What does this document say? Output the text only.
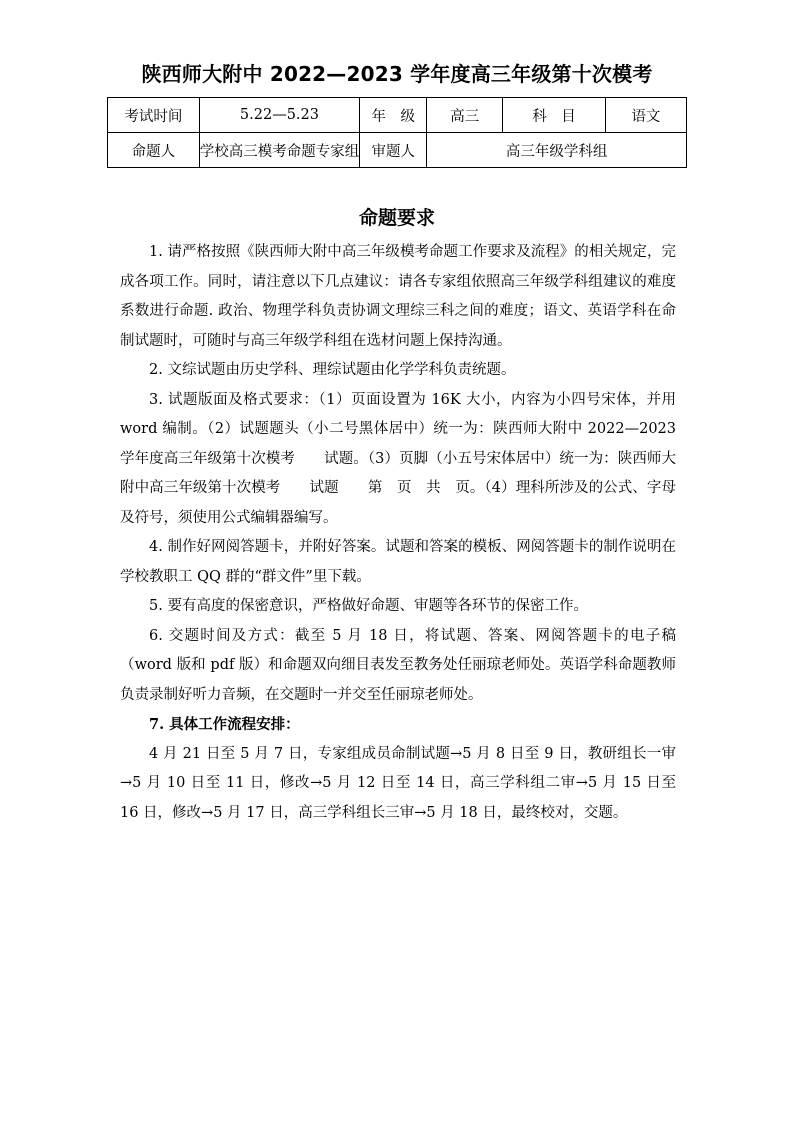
陕西师大附中 2022—2023 学年度高三年级第十次模考
考试时间	5.22—5.23	年　级	高三	科　目	语文
命题人	学校高三模考命题专家组	审题人	高三年级学科组		
命题要求

1. 请严格按照《陕西师大附中高三年级模考命题工作要求及流程》的相关规定，完成各项工作。同时，请注意以下几点建议：请各专家组依照高三年级学科组建议的难度系数进行命题. 政治、物理学科负责协调文理综三科之间的难度；语文、英语学科在命制试题时，可随时与高三年级学科组在选材问题上保持沟通。

2. 文综试题由历史学科、理综试题由化学学科负责统题。

3. 试题版面及格式要求：（1）页面设置为 16K 大小，内容为小四号宋体，并用 word 编制。（2）试题题头（小二号黑体居中）统一为：陕西师大附中 2022—2023 学年度高三年级第十次模考　　试题。（3）页脚（小五号宋体居中）统一为：陕西师大附中高三年级第十次模考　　试题　　第　页　共　页。（4）理科所涉及的公式、字母及符号，须使用公式编辑器编写。

4. 制作好网阅答题卡，并附好答案。试题和答案的模板、网阅答题卡的制作说明在学校教职工 QQ 群的“群文件”里下载。

5. 要有高度的保密意识，严格做好命题、审题等各环节的保密工作。

6. 交题时间及方式：截至 5 月 18 日，将试题、答案、网阅答题卡的电子稿（word 版和 pdf 版）和命题双向细目表发至教务处任丽琼老师处。英语学科命题教师负责录制好听力音频，在交题时一并交至任丽琼老师处。

7. 具体工作流程安排：

4 月 21 日至 5 月 7 日，专家组成员命制试题→5 月 8 日至 9 日，教研组长一审→5 月 10 日至 11 日，修改→5 月 12 日至 14 日，高三学科组二审→5 月 15 日至 16 日，修改→5 月 17 日，高三学科组长三审→5 月 18 日，最终校对，交题。
